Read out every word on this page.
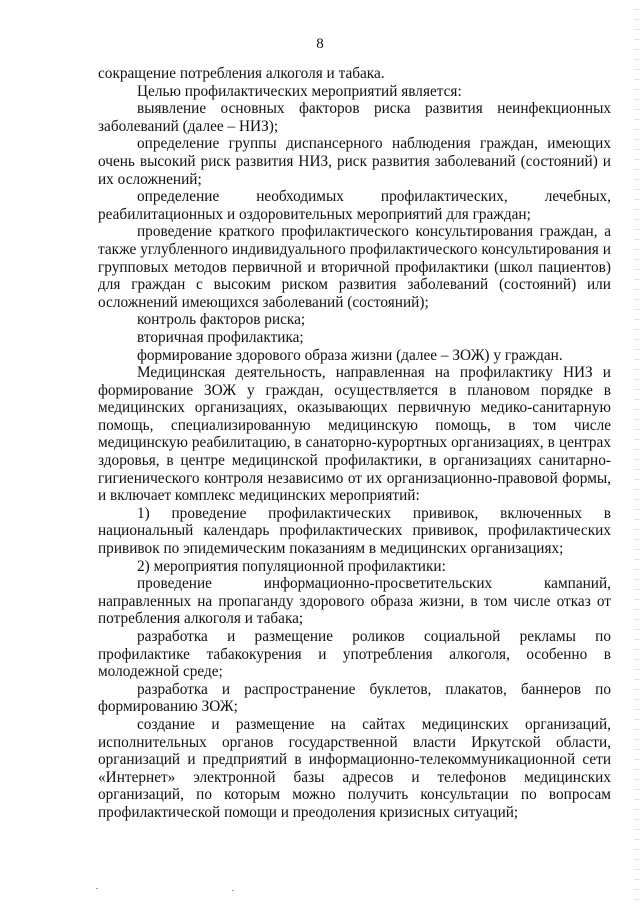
8

сокращение потребления алкоголя и табака.

Целью профилактических мероприятий является:

выявление основных факторов риска развития неинфекционных заболеваний (далее – НИЗ);

определение группы диспансерного наблюдения граждан, имеющих очень высокий риск развития НИЗ, риск развития заболеваний (состояний) и их осложнений;

определение необходимых профилактических, лечебных, реабилитационных и оздоровительных мероприятий для граждан;

проведение краткого профилактического консультирования граждан, а также углубленного индивидуального профилактического консультирования и групповых методов первичной и вторичной профилактики (школ пациентов) для граждан с высоким риском развития заболеваний (состояний) или осложнений имеющихся заболеваний (состояний);

контроль факторов риска;

вторичная профилактика;

формирование здорового образа жизни (далее – ЗОЖ) у граждан.

Медицинская деятельность, направленная на профилактику НИЗ и формирование ЗОЖ у граждан, осуществляется в плановом порядке в медицинских организациях, оказывающих первичную медико-санитарную помощь, специализированную медицинскую помощь, в том числе медицинскую реабилитацию, в санаторно-курортных организациях, в центрах здоровья, в центре медицинской профилактики, в организациях санитарно-гигиенического контроля независимо от их организационно-правовой формы, и включает комплекс медицинских мероприятий:

1) проведение профилактических прививок, включенных в национальный календарь профилактических прививок, профилактических прививок по эпидемическим показаниям в медицинских организациях;

2) мероприятия популяционной профилактики:

проведение информационно-просветительских кампаний, направленных на пропаганду здорового образа жизни, в том числе отказ от потребления алкоголя и табака;

разработка и размещение роликов социальной рекламы по профилактике табакокурения и употребления алкоголя, особенно в молодежной среде;

разработка и распространение буклетов, плакатов, баннеров по формированию ЗОЖ;

создание и размещение на сайтах медицинских организаций, исполнительных органов государственной власти Иркутской области, организаций и предприятий в информационно-телекоммуникационной сети «Интернет» электронной базы адресов и телефонов медицинских организаций, по которым можно получить консультации по вопросам профилактической помощи и преодоления кризисных ситуаций;
